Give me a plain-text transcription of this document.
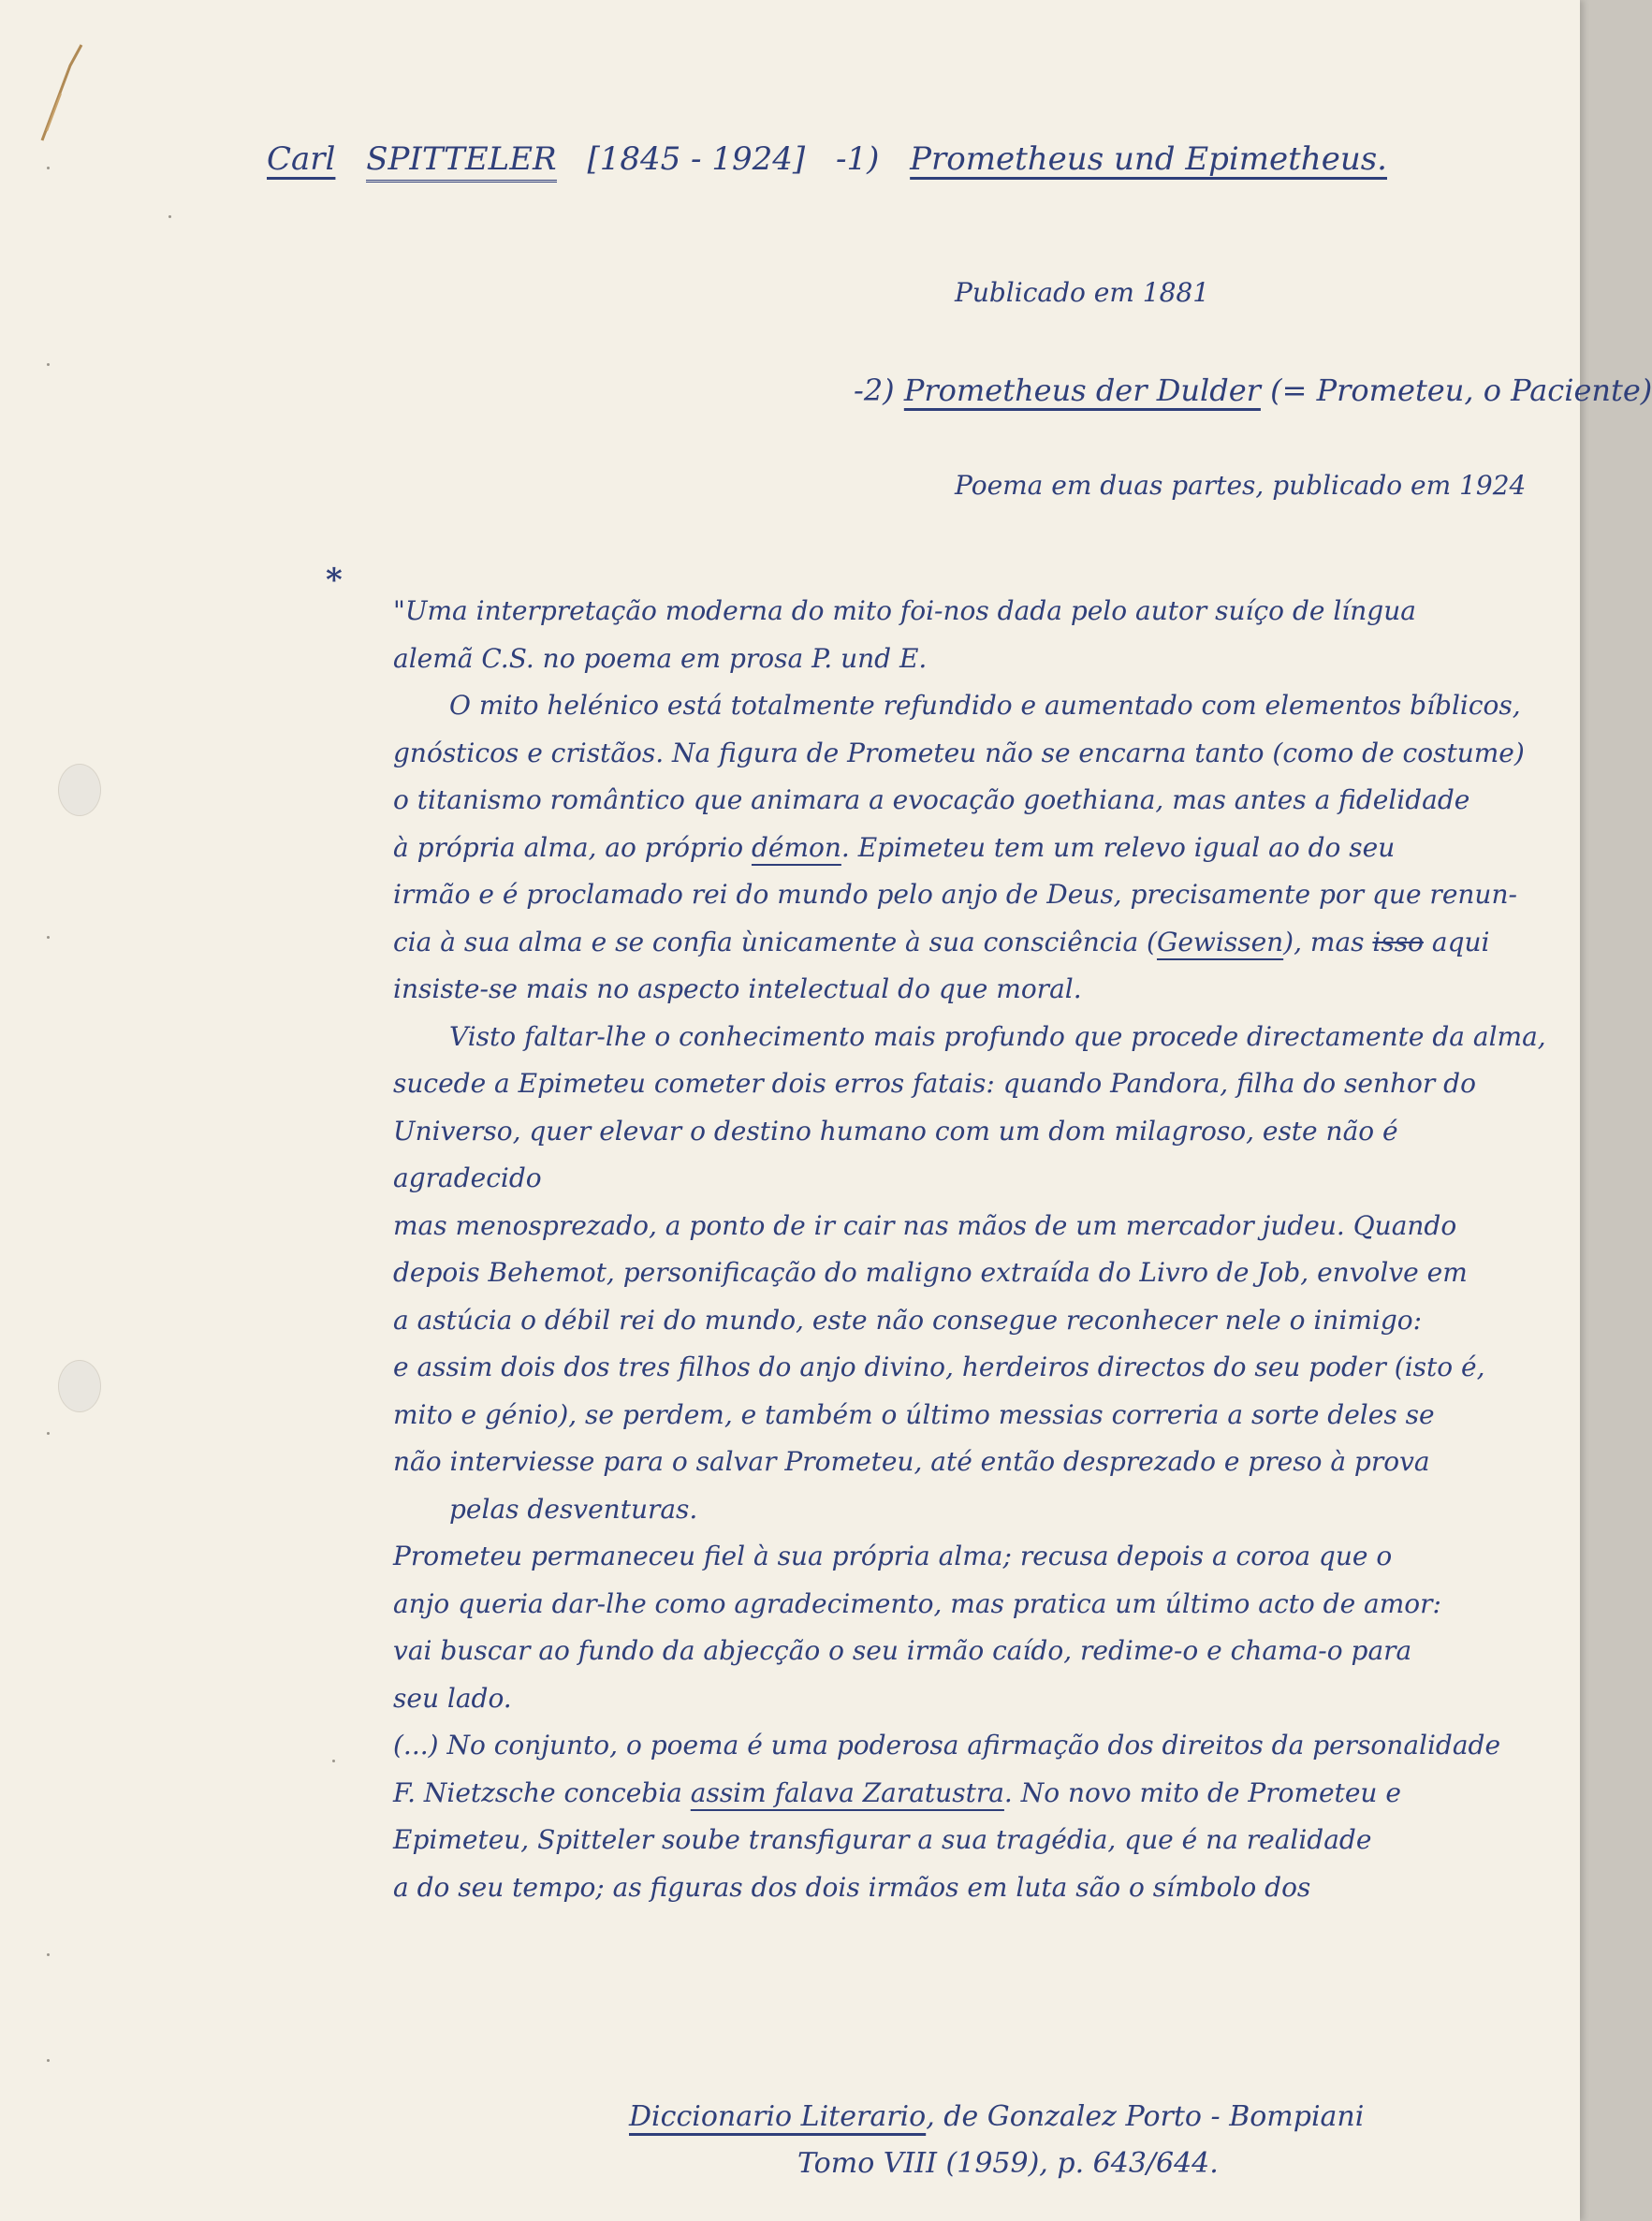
Carl SPITTELER [1845 - 1924] -1) Prometheus und Epimetheus.
Publicado em 1881
-2) Prometheus der Dulder (= Prometeu, o Paciente)
Poema em duas partes, publicado em 1924
*

"Uma interpretação moderna do mito foi-nos dada pelo autor suíço de língua

alemã C.S. no poema em prosa P. und E.

O mito helénico está totalmente refundido e aumentado com elementos bíblicos,

gnósticos e cristãos. Na figura de Prometeu não se encarna tanto (como de costume)

o titanismo romântico que animara a evocação goethiana, mas antes a fidelidade

à própria alma, ao próprio démon. Epimeteu tem um relevo igual ao do seu

irmão e é proclamado rei do mundo pelo anjo de Deus, precisamente por que renun-

cia à sua alma e se confia ùnicamente à sua consciência (Gewissen), mas isso aqui

insiste-se mais no aspecto intelectual do que moral.

Visto faltar-lhe o conhecimento mais profundo que procede directamente da alma,

sucede a Epimeteu cometer dois erros fatais: quando Pandora, filha do senhor do

Universo, quer elevar o destino humano com um dom milagroso, este não é agradecido

mas menosprezado, a ponto de ir cair nas mãos de um mercador judeu. Quando

depois Behemot, personificação do maligno extraída do Livro de Job, envolve em

a astúcia o débil rei do mundo, este não consegue reconhecer nele o inimigo:

e assim dois dos tres filhos do anjo divino, herdeiros directos do seu poder (isto é,

mito e génio), se perdem, e também o último messias correria a sorte deles se

não interviesse para o salvar Prometeu, até então desprezado e preso à prova

pelas desventuras.

Prometeu permaneceu fiel à sua própria alma; recusa depois a coroa que o

anjo queria dar-lhe como agradecimento, mas pratica um último acto de amor:

vai buscar ao fundo da abjecção o seu irmão caído, redime-o e chama-o para

seu lado.

(...) No conjunto, o poema é uma poderosa afirmação dos direitos da personalidade

F. Nietzsche concebia assim falava Zaratustra. No novo mito de Prometeu e

Epimeteu, Spitteler soube transfigurar a sua tragédia, que é na realidade

a do seu tempo; as figuras dos dois irmãos em luta são o símbolo dos

Diccionario Literario, de Gonzalez Porto - Bompiani
Tomo VIII (1959), p. 643/644.
